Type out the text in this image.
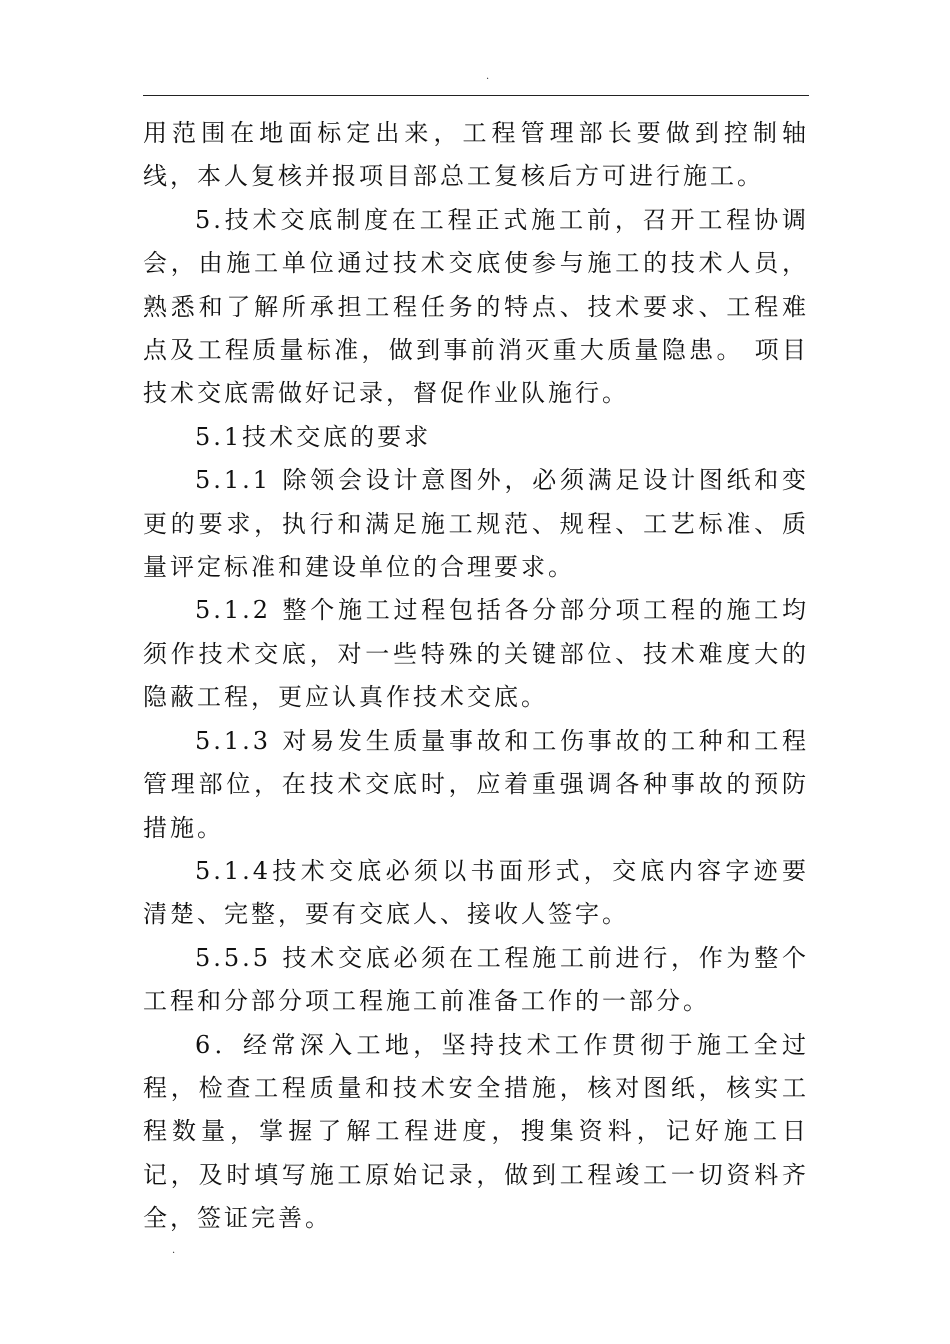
.

用范围在地面标定出来，工程管理部长要做到控制轴线，本人复核并报项目部总工复核后方可进行施工。

5.技术交底制度在工程正式施工前，召开工程协调会，由施工单位通过技术交底使参与施工的技术人员，熟悉和了解所承担工程任务的特点、技术要求、工程难点及工程质量标准，做到事前消灭重大质量隐患。 项目技术交底需做好记录，督促作业队施行。

5.1技术交底的要求

5.1.1 除领会设计意图外，必须满足设计图纸和变更的要求，执行和满足施工规范、规程、工艺标准、质量评定标准和建设单位的合理要求。

5.1.2 整个施工过程包括各分部分项工程的施工均须作技术交底，对一些特殊的关键部位、技术难度大的隐蔽工程，更应认真作技术交底。

5.1.3 对易发生质量事故和工伤事故的工种和工程管理部位，在技术交底时，应着重强调各种事故的预防措施。

5.1.4技术交底必须以书面形式，交底内容字迹要清楚、完整，要有交底人、接收人签字。

5.5.5 技术交底必须在工程施工前进行，作为整个工程和分部分项工程施工前准备工作的一部分。

6．经常深入工地，坚持技术工作贯彻于施工全过程，检查工程质量和技术安全措施，核对图纸，核实工程数量，掌握了解工程进度，搜集资料，记好施工日记，及时填写施工原始记录，做到工程竣工一切资料齐全，签证完善。

.
